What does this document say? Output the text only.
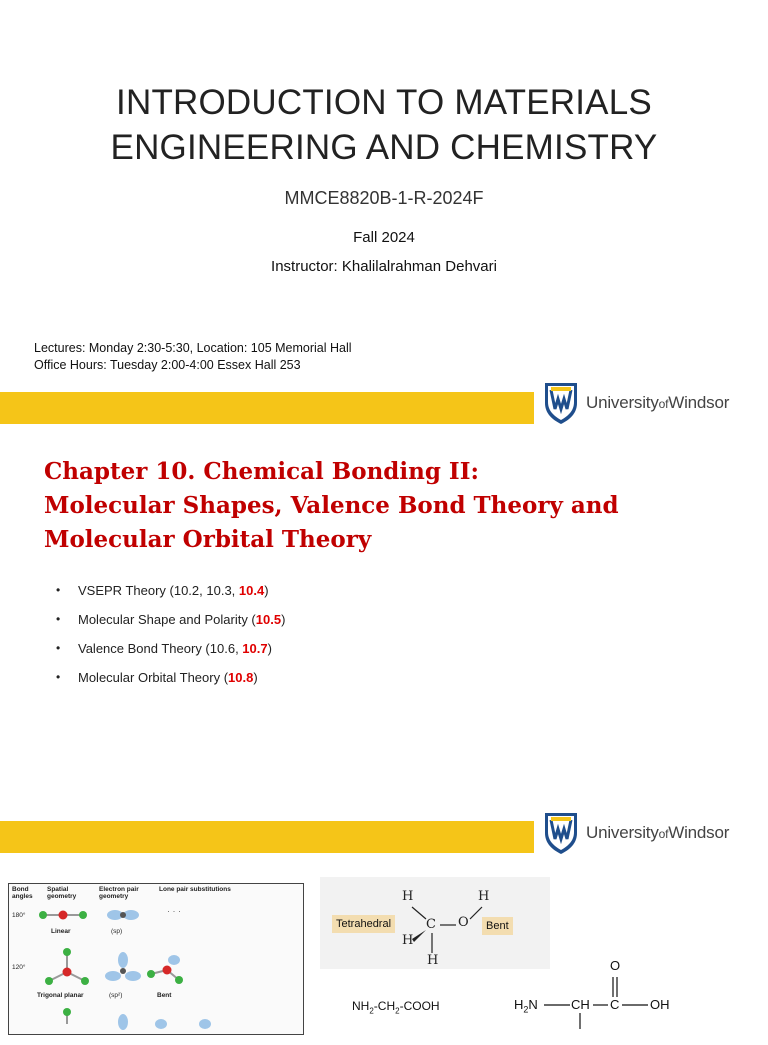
INTRODUCTION TO MATERIALS
ENGINEERING AND CHEMISTRY
MMCE8820B-1-R-2024F
Fall 2024
Instructor: Khalilalrahman Dehvari
Lectures: Monday 2:30-5:30, Location: 105 Memorial Hall
Office Hours: Tuesday 2:00-4:00 Essex Hall 253
UniversityofWindsor
Chapter 10. Chemical Bonding II:
Molecular Shapes, Valence Bond Theory and
Molecular Orbital Theory
•	VSEPR Theory (10.2, 10.3, 10.4)
•	Molecular Shape and Polarity (10.5)
•	Valence Bond Theory (10.6, 10.7)
•	Molecular Orbital Theory (10.8)
UniversityofWindsor
Bond angles
Spatial geometry
Electron pair geometry
Lone pair substitutions
180°
120°
Linear	(sp)
Trigonal planar	(sp²)	Bent
· · ·
Tetrahedral	Bent
H
C O
H
H
H
$NH_2-CH_2$-COOH	$H_2N$	CH C OH
O
